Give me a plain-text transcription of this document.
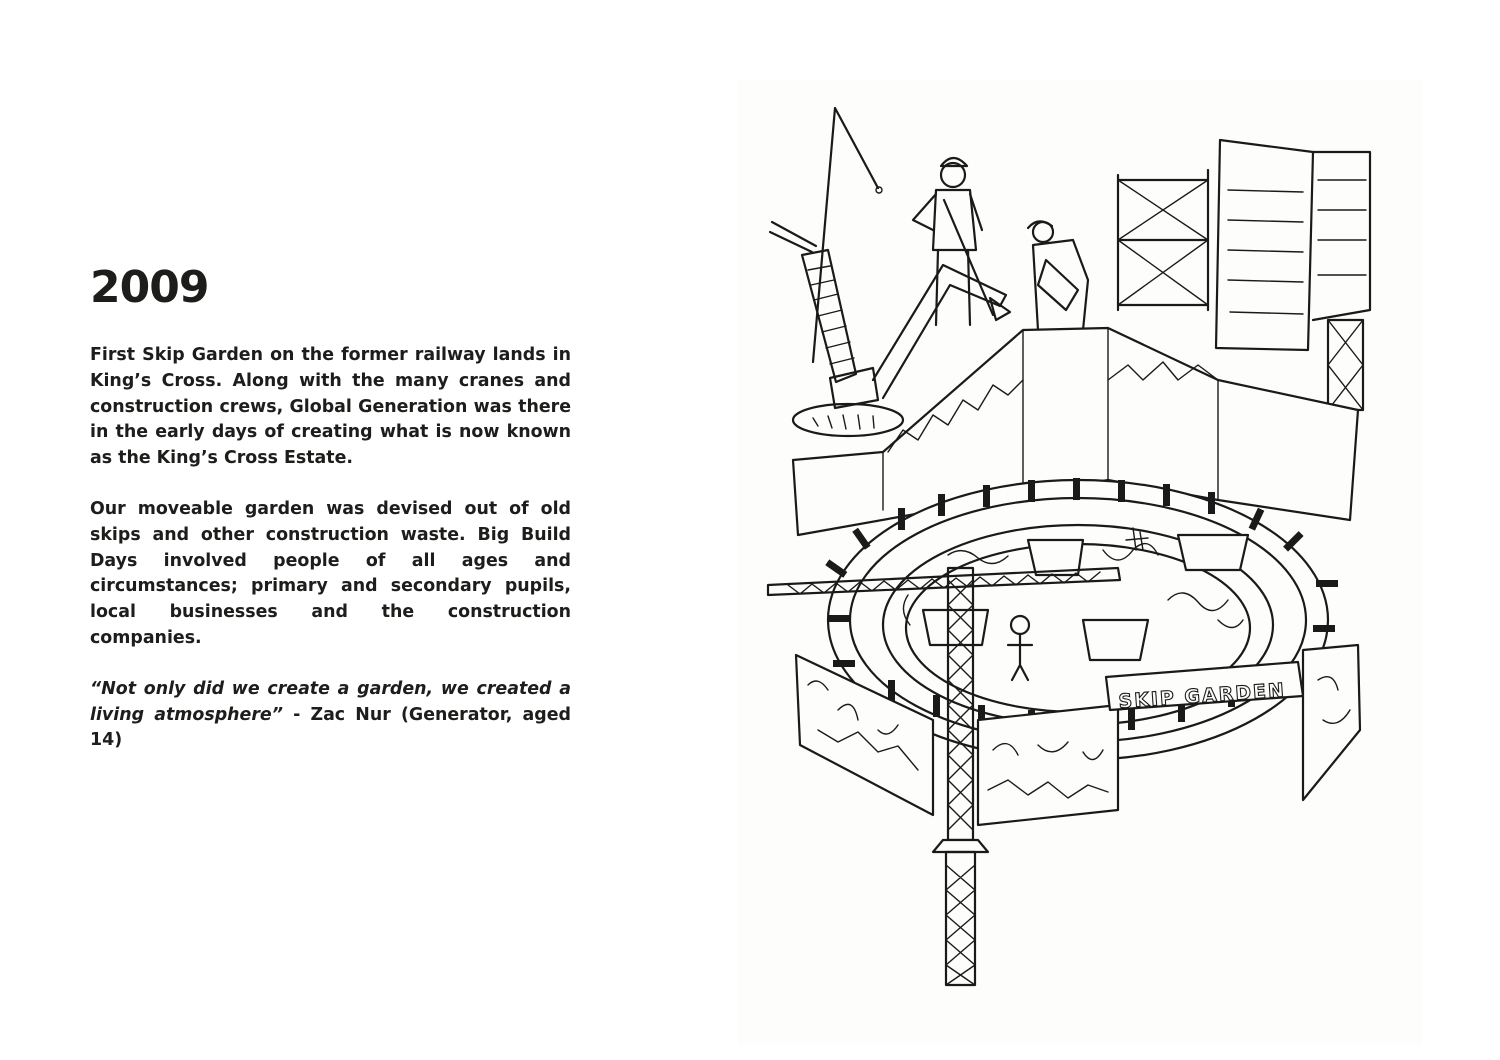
2009

First Skip Garden on the former railway lands in King’s Cross. Along with the many cranes and construction crews, Global Generation was there in the early days of creating what is now known as the King’s Cross Estate.

Our moveable garden was devised out of old skips and other construction waste. Big Build Days involved people of all ages and circumstances; primary and secondary pupils, local businesses and the construction companies.

“Not only did we create a garden, we created a living atmosphere” - Zac Nur (Generator, aged 14)

SKIP GARDEN
